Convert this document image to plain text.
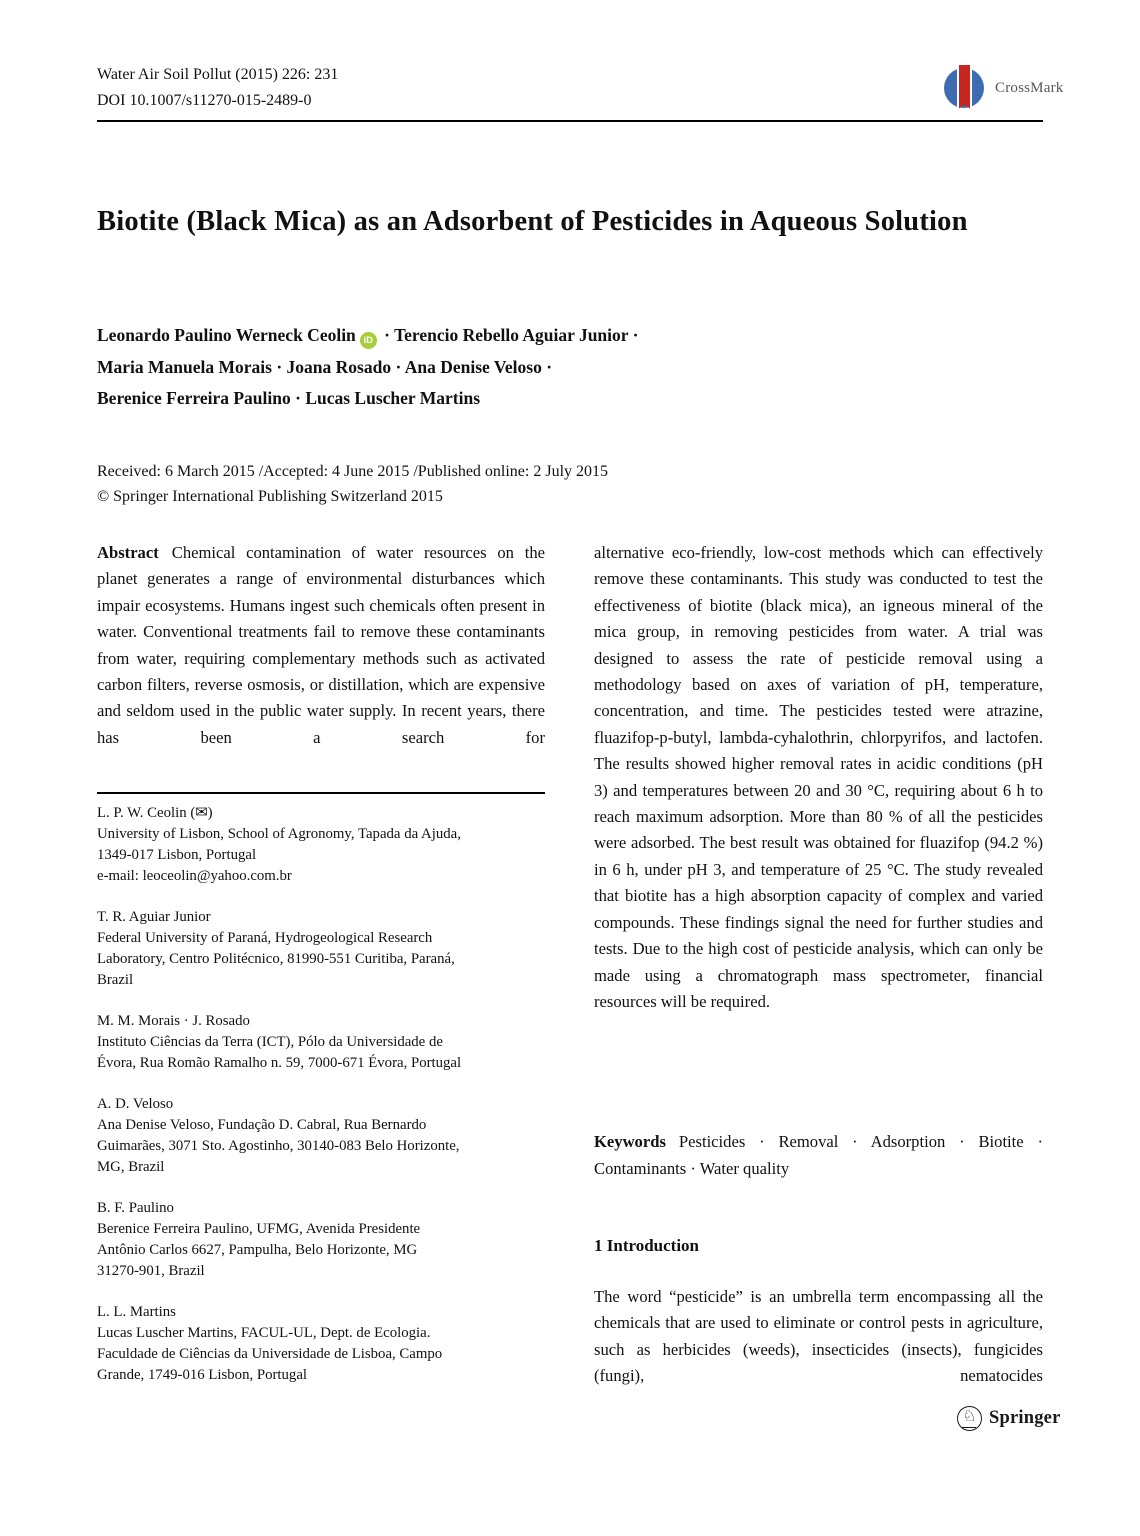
Water Air Soil Pollut (2015) 226: 231
DOI 10.1007/s11270-015-2489-0
CrossMark
Biotite (Black Mica) as an Adsorbent of Pesticides in Aqueous Solution
Leonardo Paulino Werneck Ceolin iD · Terencio Rebello Aguiar Junior ·
Maria Manuela Morais · Joana Rosado · Ana Denise Veloso ·
Berenice Ferreira Paulino · Lucas Luscher Martins
Received: 6 March 2015 /Accepted: 4 June 2015 /Published online: 2 July 2015
© Springer International Publishing Switzerland 2015

Abstract Chemical contamination of water resources on the planet generates a range of environmental disturbances which impair ecosystems. Humans ingest such chemicals often present in water. Conventional treatments fail to remove these contaminants from water, requiring complementary methods such as activated carbon filters, reverse osmosis, or distillation, which are expensive and seldom used in the public water supply. In recent years, there has been a search for

L. P. W. Ceolin (✉)
University of Lisbon, School of Agronomy, Tapada da Ajuda,
1349-017 Lisbon, Portugal
e-mail: leoceolin@yahoo.com.br
T. R. Aguiar Junior
Federal University of Paraná, Hydrogeological Research
Laboratory, Centro Politécnico, 81990-551 Curitiba, Paraná,
Brazil
M. M. Morais · J. Rosado
Instituto Ciências da Terra (ICT), Pólo da Universidade de
Évora, Rua Romão Ramalho n. 59, 7000-671 Évora, Portugal
A. D. Veloso
Ana Denise Veloso, Fundação D. Cabral, Rua Bernardo
Guimarães, 3071 Sto. Agostinho, 30140-083 Belo Horizonte,
MG, Brazil
B. F. Paulino
Berenice Ferreira Paulino, UFMG, Avenida Presidente
Antônio Carlos 6627, Pampulha, Belo Horizonte, MG
31270-901, Brazil
L. L. Martins
Lucas Luscher Martins, FACUL-UL, Dept. de Ecologia.
Faculdade de Ciências da Universidade de Lisboa, Campo
Grande, 1749-016 Lisbon, Portugal

alternative eco-friendly, low-cost methods which can effectively remove these contaminants. This study was conducted to test the effectiveness of biotite (black mica), an igneous mineral of the mica group, in removing pesticides from water. A trial was designed to assess the rate of pesticide removal using a methodology based on axes of variation of pH, temperature, concentration, and time. The pesticides tested were atrazine, fluazifop-p-butyl, lambda-cyhalothrin, chlorpyrifos, and lactofen. The results showed higher removal rates in acidic conditions (pH 3) and temperatures between 20 and 30 °C, requiring about 6 h to reach maximum adsorption. More than 80 % of all the pesticides were adsorbed. The best result was obtained for fluazifop (94.2 %) in 6 h, under pH 3, and temperature of 25 °C. The study revealed that biotite has a high absorption capacity of complex and varied compounds. These findings signal the need for further studies and tests. Due to the high cost of pesticide analysis, which can only be made using a chromatograph mass spectrometer, financial resources will be required.

Keywords Pesticides · Removal · Adsorption · Biotite · Contaminants · Water quality

1 Introduction

The word “pesticide” is an umbrella term encompassing all the chemicals that are used to eliminate or control pests in agriculture, such as herbicides (weeds), insecticides (insects), fungicides (fungi), nematocides

♘ Springer
